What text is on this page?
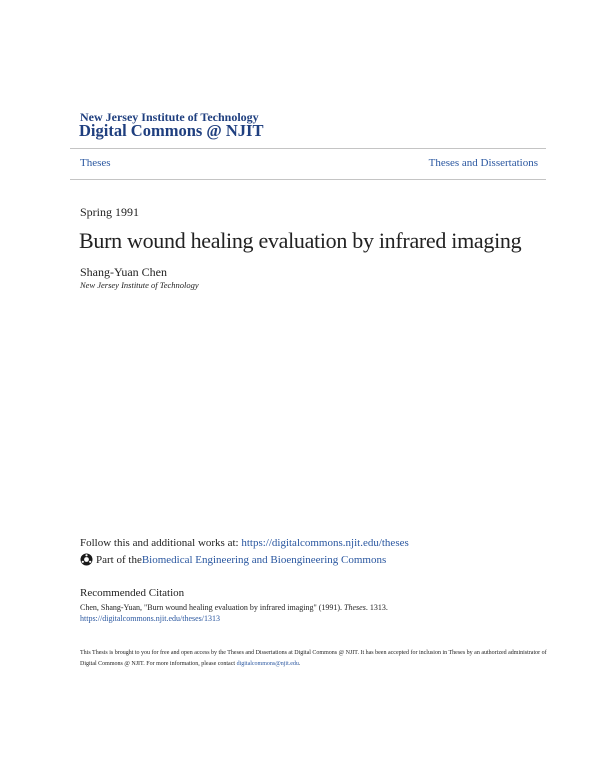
New Jersey Institute of Technology
Digital Commons @ NJIT
Theses	Theses and Dissertations
Spring 1991
Burn wound healing evaluation by infrared imaging
Shang-Yuan Chen
New Jersey Institute of Technology
Follow this and additional works at: https://digitalcommons.njit.edu/theses
Part of the Biomedical Engineering and Bioengineering Commons
Recommended Citation
Chen, Shang-Yuan, "Burn wound healing evaluation by infrared imaging" (1991). Theses. 1313.
https://digitalcommons.njit.edu/theses/1313
This Thesis is brought to you for free and open access by the Theses and Dissertations at Digital Commons @ NJIT. It has been accepted for inclusion in Theses by an authorized administrator of Digital Commons @ NJIT. For more information, please contact digitalcommons@njit.edu.
